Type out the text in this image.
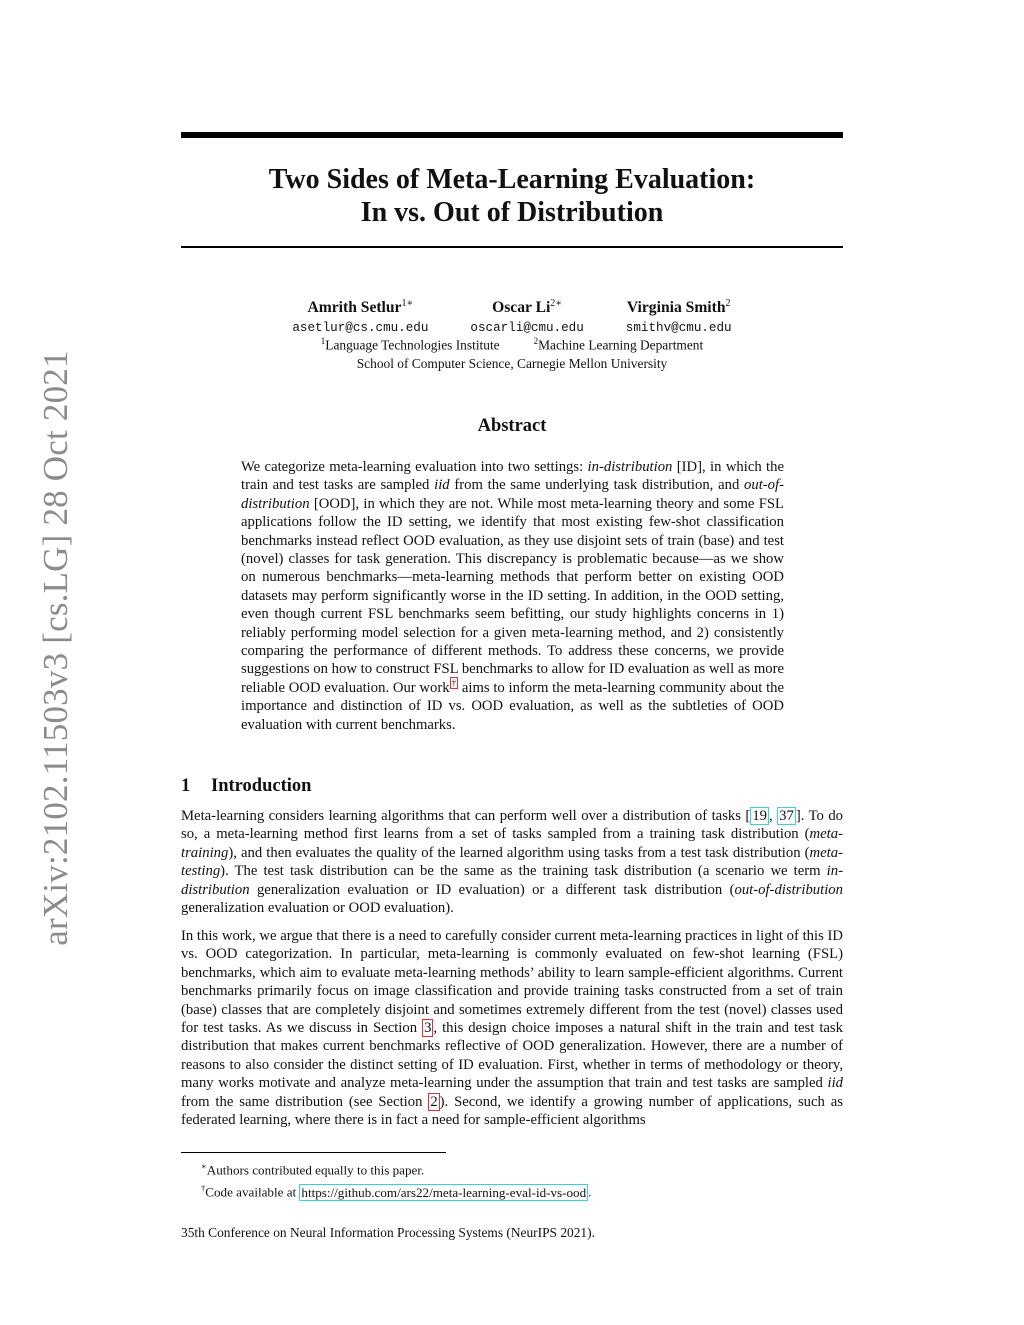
arXiv:2102.11503v3 [cs.LG] 28 Oct 2021
Two Sides of Meta-Learning Evaluation:
In vs. Out of Distribution
Amrith Setlur$^{1∗}$
asetlur@cs.cmu.edu
Oscar $Li^{2∗}$
oscarli@cmu.edu
Virginia Smith$^2$
smithv@cmu.edu
$^1$Language Technologies Institute	$^2$Machine Learning Department
School of Computer Science, Carnegie Mellon University
Abstract
We categorize meta-learning evaluation into two settings: in-distribution [ID], in which the train and test tasks are sampled iid from the same underlying task distribution, and out-of-distribution [OOD], in which they are not. While most meta-learning theory and some FSL applications follow the ID setting, we identify that most existing few-shot classification benchmarks instead reflect OOD evaluation, as they use disjoint sets of train (base) and test (novel) classes for task generation. This discrepancy is problematic because—as we show on numerous benchmarks—meta-learning methods that perform better on existing OOD datasets may perform significantly worse in the ID setting. In addition, in the OOD setting, even though current FSL benchmarks seem befitting, our study highlights concerns in 1) reliably performing model selection for a given meta-learning method, and 2) consistently comparing the performance of different methods. To address these concerns, we provide suggestions on how to construct FSL benchmarks to allow for ID evaluation as well as more reliable OOD evaluation. Our work † aims to inform the meta-learning community about the importance and distinction of ID vs. OOD evaluation, as well as the subtleties of OOD evaluation with current benchmarks.
1 Introduction
Meta-learning considers learning algorithms that can perform well over a distribution of tasks [ 19 , 37 ]. To do so, a meta-learning method first learns from a set of tasks sampled from a training task distribution (meta-training), and then evaluates the quality of the learned algorithm using tasks from a test task distribution (meta-testing). The test task distribution can be the same as the training task distribution (a scenario we term in-distribution generalization evaluation or ID evaluation) or a different task distribution (out-of-distribution generalization evaluation or OOD evaluation).
In this work, we argue that there is a need to carefully consider current meta-learning practices in light of this ID vs. OOD categorization. In particular, meta-learning is commonly evaluated on few-shot learning (FSL) benchmarks, which aim to evaluate meta-learning methods’ ability to learn sample-efficient algorithms. Current benchmarks primarily focus on image classification and provide training tasks constructed from a set of train (base) classes that are completely disjoint and sometimes extremely different from the test (novel) classes used for test tasks. As we discuss in Section 3 , this design choice imposes a natural shift in the train and test task distribution that makes current benchmarks reflective of OOD generalization. However, there are a number of reasons to also consider the distinct setting of ID evaluation. First, whether in terms of methodology or theory, many works motivate and analyze meta-learning under the assumption that train and test tasks are sampled iid from the same distribution (see Section 2 ). Second, we identify a growing number of applications, such as federated learning, where there is in fact a need for sample-efficient algorithms
∗Authors contributed equally to this paper.
†Code available at https://github.com/ars22/meta-learning-eval-id-vs-ood .
35th Conference on Neural Information Processing Systems (NeurIPS 2021).
